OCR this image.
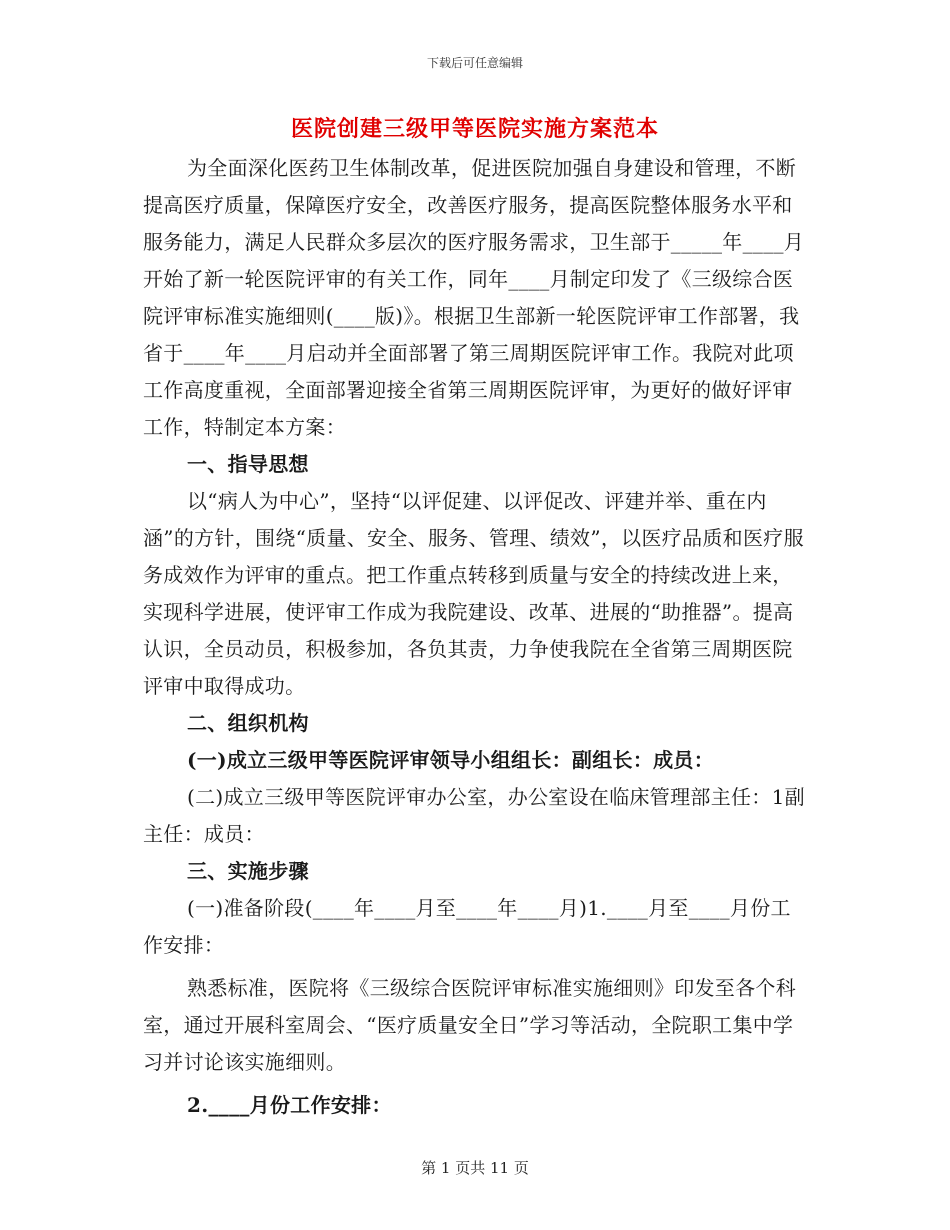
下载后可任意编辑
医院创建三级甲等医院实施方案范本

为全面深化医药卫生体制改革，促进医院加强自身建设和管理，不断提高医疗质量，保障医疗安全，改善医疗服务，提高医院整体服务水平和服务能力，满足人民群众多层次的医疗服务需求，卫生部于_____年____月开始了新一轮医院评审的有关工作，同年____月制定印发了《三级综合医院评审标准实施细则(____版)》。根据卫生部新一轮医院评审工作部署，我省于____年____月启动并全面部署了第三周期医院评审工作。我院对此项工作高度重视，全面部署迎接全省第三周期医院评审，为更好的做好评审工作，特制定本方案：

一、指导思想

以“病人为中心”，坚持“以评促建、以评促改、评建并举、重在内涵”的方针，围绕“质量、安全、服务、管理、绩效”，以医疗品质和医疗服务成效作为评审的重点。把工作重点转移到质量与安全的持续改进上来，实现科学进展，使评审工作成为我院建设、改革、进展的“助推器”。提高认识，全员动员，积极参加，各负其责，力争使我院在全省第三周期医院评审中取得成功。

二、组织机构

(一)成立三级甲等医院评审领导小组组长：副组长：成员：

(二)成立三级甲等医院评审办公室，办公室设在临床管理部主任：1副主任：成员：

三、实施步骤

(一)准备阶段(____年____月至____年____月)1.____月至____月份工作安排：

熟悉标准，医院将《三级综合医院评审标准实施细则》印发至各个科室，通过开展科室周会、“医疗质量安全日”学习等活动，全院职工集中学习并讨论该实施细则。

2.____月份工作安排：

第 1 页共 11 页
